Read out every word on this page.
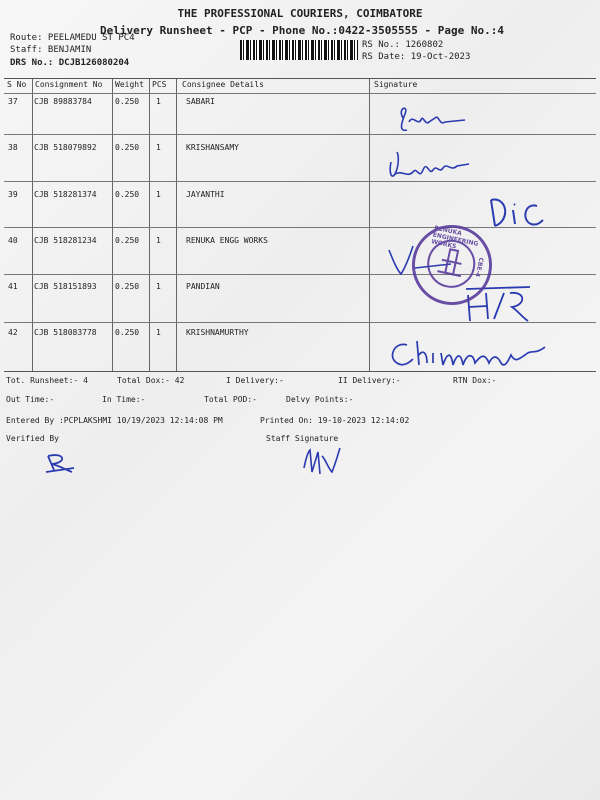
THE PROFESSIONAL COURIERS, COIMBATORE
Delivery Runsheet - PCP - Phone No.:0422-3505555 - Page No.:4
Route: PEELAMEDU ST PC4
Staff: BENJAMIN
DRS No.: DCJB126080204
RS No.: 1260802
RS Date: 19-Oct-2023
S No Consignment No Weight PCS Consignee Details	Signature
37 CJB 89883784	0.250 1	SABARI
38 CJB 518079892 0.250 1	KRISHANSAMY
39 CJB 518281374 0.250 1	JAYANTHI
40 CJB 518281234 0.250 1	RENUKA ENGG WORKS
41 CJB 518151893 0.250 1	PANDIAN
42 CJB 518083778 0.250 1	KRISHNAMURTHY
RENUKA ENGINEERING WORKS
CBE-4
Tot. Runsheet:- 4	Total Dox:- 42	I Delivery:-	II Delivery:-	RTN Dox:-
Out Time:-	In Time:-	Total POD:-	Delvy Points:-
Entered By :PCPLAKSHMI 10/19/2023 12:14:08 PM	Printed On: 19-10-2023 12:14:02
Verified By	Staff Signature
